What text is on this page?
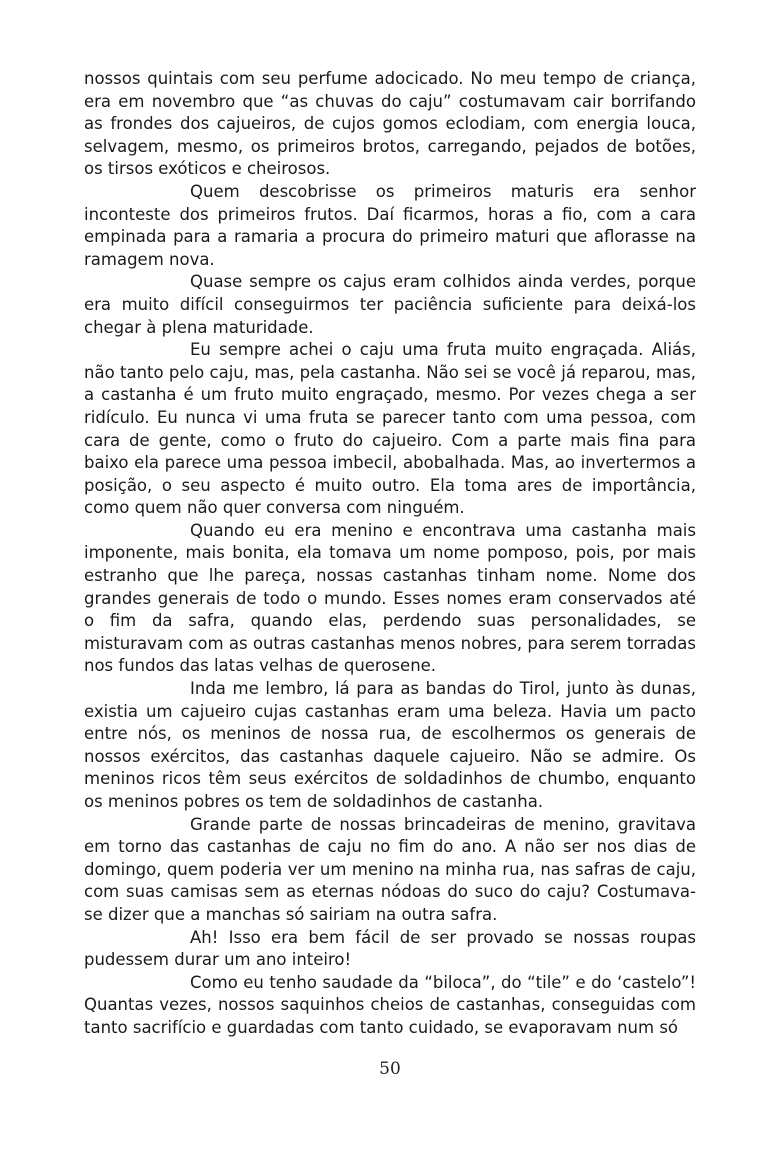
nossos quintais com seu perfume adocicado. No meu tempo de criança, era em novembro que “as chuvas do caju” costumavam cair borrifando as frondes dos cajueiros, de cujos gomos eclodiam, com energia louca, selvagem, mesmo, os primeiros brotos, carregando, pejados de botões, os tirsos exóticos e cheirosos.

Quem descobrisse os primeiros maturis era senhor inconteste dos primeiros frutos. Daí ficarmos, horas a fio, com a cara empinada para a ramaria a procura do primeiro maturi que aflorasse na ramagem nova.

Quase sempre os cajus eram colhidos ainda verdes, porque era muito difícil conseguirmos ter paciência suficiente para deixá-los chegar à plena maturidade.

Eu sempre achei o caju uma fruta muito engraçada. Aliás, não tanto pelo caju, mas, pela castanha. Não sei se você já reparou, mas, a castanha é um fruto muito engraçado, mesmo. Por vezes chega a ser ridículo. Eu nunca vi uma fruta se parecer tanto com uma pessoa, com cara de gente, como o fruto do cajueiro. Com a parte mais fina para baixo ela parece uma pessoa imbecil, abobalhada. Mas, ao invertermos a posição, o seu aspecto é muito outro. Ela toma ares de importância, como quem não quer conversa com ninguém.

Quando eu era menino e encontrava uma castanha mais imponente, mais bonita, ela tomava um nome pomposo, pois, por mais estranho que lhe pareça, nossas castanhas tinham nome. Nome dos grandes generais de todo o mundo. Esses nomes eram conservados até o fim da safra, quando elas, perdendo suas personalidades, se misturavam com as outras castanhas menos nobres, para serem torradas nos fundos das latas velhas de querosene.

Inda me lembro, lá para as bandas do Tirol, junto às dunas, existia um cajueiro cujas castanhas eram uma beleza. Havia um pacto entre nós, os meninos de nossa rua, de escolhermos os generais de nossos exércitos, das castanhas daquele cajueiro. Não se admire. Os meninos ricos têm seus exércitos de soldadinhos de chumbo, enquanto os meninos pobres os tem de soldadinhos de castanha.

Grande parte de nossas brincadeiras de menino, gravitava em torno das castanhas de caju no fim do ano. A não ser nos dias de domingo, quem poderia ver um menino na minha rua, nas safras de caju, com suas camisas sem as eternas nódoas do suco do caju? Costumava-se dizer que a manchas só sairiam na outra safra.

Ah! Isso era bem fácil de ser provado se nossas roupas pudessem durar um ano inteiro!

Como eu tenho saudade da “biloca”, do “tile” e do ‘castelo”! Quantas vezes, nossos saquinhos cheios de castanhas, conseguidas com tanto sacrifício e guardadas com tanto cuidado, se evaporavam num só

50
